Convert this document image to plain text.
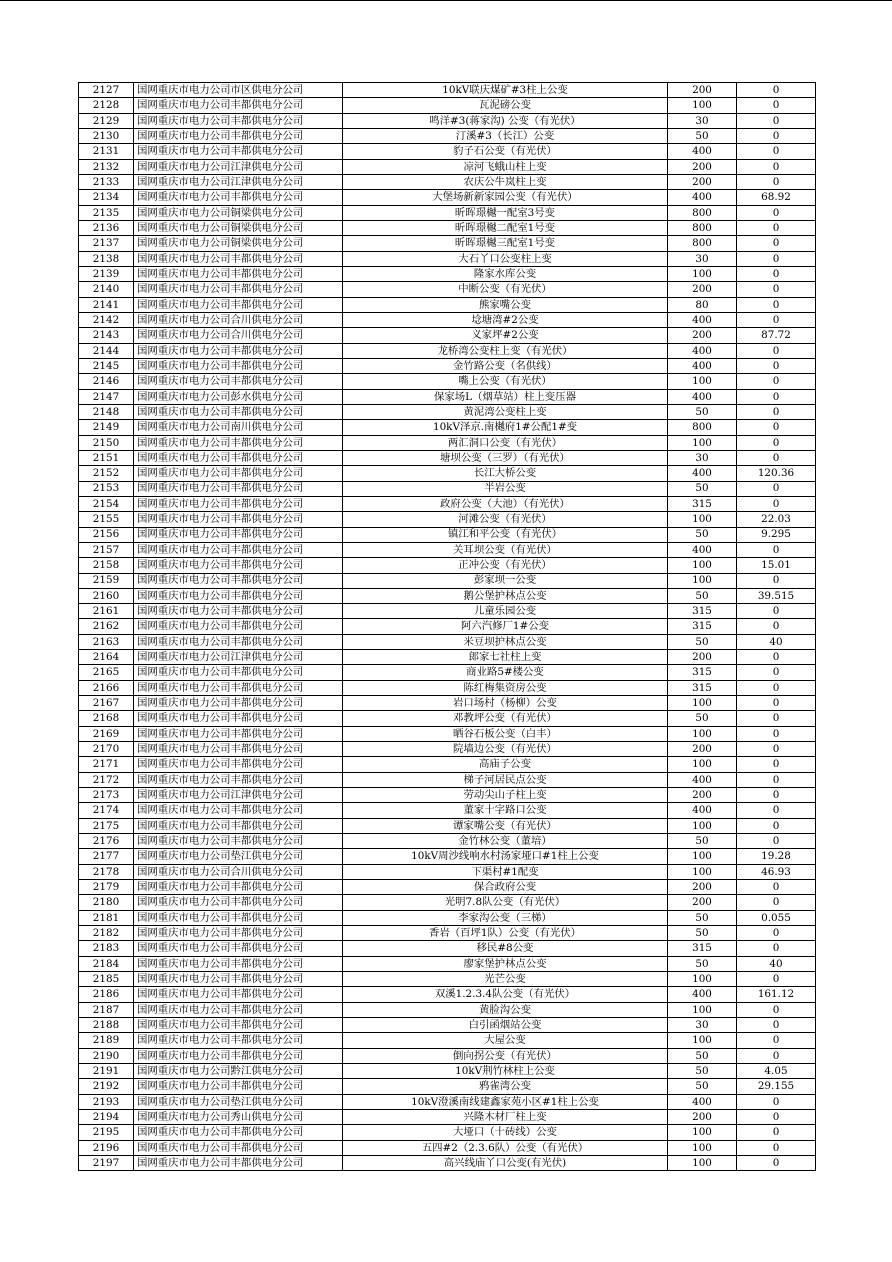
2127	国网重庆市电力公司市区供电分公司	10kV联庆煤矿#3柱上公变	200	0
2128	国网重庆市电力公司丰都供电分公司	瓦泥磅公变	100	0
2129	国网重庆市电力公司丰都供电分公司	鸣洋#3(蒋家沟) 公变（有光伏）	30	0
2130	国网重庆市电力公司丰都供电分公司	汀溪#3（长江）公变	50	0
2131	国网重庆市电力公司丰都供电分公司	豹子石公变（有光伏）	400	0
2132	国网重庆市电力公司江津供电分公司	凉河飞蛾山柱上变	200	0
2133	国网重庆市电力公司江津供电分公司	农庆公牛岚柱上变	200	0
2134	国网重庆市电力公司丰都供电分公司	大堡场新新家园公变（有光伏）	400	68.92
2135	国网重庆市电力公司铜梁供电分公司	昕晖璟樾一配室3号变	800	0
2136	国网重庆市电力公司铜梁供电分公司	昕晖璟樾二配室1号变	800	0
2137	国网重庆市电力公司铜梁供电分公司	昕晖璟樾三配室1号变	800	0
2138	国网重庆市电力公司丰都供电分公司	大石丫口公变柱上变	30	0
2139	国网重庆市电力公司丰都供电分公司	隆家水库公变	100	0
2140	国网重庆市电力公司丰都供电分公司	中断公变（有光伏）	200	0
2141	国网重庆市电力公司丰都供电分公司	熊家嘴公变	80	0
2142	国网重庆市电力公司合川供电分公司	埝塘湾#2公变	400	0
2143	国网重庆市电力公司合川供电分公司	义家坪#2公变	200	87.72
2144	国网重庆市电力公司丰都供电分公司	龙桥湾公变柱上变（有光伏）	400	0
2145	国网重庆市电力公司丰都供电分公司	金竹路公变（名供线）	400	0
2146	国网重庆市电力公司丰都供电分公司	嘴上公变（有光伏）	100	0
2147	国网重庆市电力公司彭水供电分公司	保家场L（烟草站）柱上变压器	400	0
2148	国网重庆市电力公司丰都供电分公司	黄泥湾公变柱上变	50	0
2149	国网重庆市电力公司南川供电分公司	10kV泽京.南樾府1#公配1#变	800	0
2150	国网重庆市电力公司丰都供电分公司	两汇洞口公变（有光伏）	100	0
2151	国网重庆市电力公司丰都供电分公司	塘坝公变（三罗）（有光伏）	30	0
2152	国网重庆市电力公司丰都供电分公司	长江大桥公变	400	120.36
2153	国网重庆市电力公司丰都供电分公司	半岩公变	50	0
2154	国网重庆市电力公司丰都供电分公司	政府公变（大池）（有光伏）	315	0
2155	国网重庆市电力公司丰都供电分公司	河滩公变（有光伏）	100	22.03
2156	国网重庆市电力公司丰都供电分公司	镇江和平公变（有光伏）	50	9.295
2157	国网重庆市电力公司丰都供电分公司	关耳坝公变（有光伏）	400	0
2158	国网重庆市电力公司丰都供电分公司	正冲公变（有光伏）	100	15.01
2159	国网重庆市电力公司丰都供电分公司	彭家坝一公变	100	0
2160	国网重庆市电力公司丰都供电分公司	鹅公堡护林点公变	50	39.515
2161	国网重庆市电力公司丰都供电分公司	儿童乐园公变	315	0
2162	国网重庆市电力公司丰都供电分公司	阿六汽修厂1#公变	315	0
2163	国网重庆市电力公司丰都供电分公司	米豆坝护林点公变	50	40
2164	国网重庆市电力公司江津供电分公司	郎家七社柱上变	200	0
2165	国网重庆市电力公司丰都供电分公司	商业路5#楼公变	315	0
2166	国网重庆市电力公司丰都供电分公司	陈红梅集资房公变	315	0
2167	国网重庆市电力公司丰都供电分公司	岩口场村（杨柳）公变	100	0
2168	国网重庆市电力公司丰都供电分公司	邓教坪公变（有光伏）	50	0
2169	国网重庆市电力公司丰都供电分公司	晒谷石板公变（白丰）	100	0
2170	国网重庆市电力公司丰都供电分公司	院墙边公变（有光伏）	200	0
2171	国网重庆市电力公司丰都供电分公司	高庙子公变	100	0
2172	国网重庆市电力公司丰都供电分公司	梯子河居民点公变	400	0
2173	国网重庆市电力公司江津供电分公司	劳动尖山子柱上变	200	0
2174	国网重庆市电力公司丰都供电分公司	董家十字路口公变	400	0
2175	国网重庆市电力公司丰都供电分公司	谭家嘴公变（有光伏）	100	0
2176	国网重庆市电力公司丰都供电分公司	金竹林公变（董培）	50	0
2177	国网重庆市电力公司垫江供电分公司	10kV周沙线响水村汤家垭口#1柱上公变	100	19.28
2178	国网重庆市电力公司合川供电分公司	下渠村#1配变	100	46.93
2179	国网重庆市电力公司丰都供电分公司	保合政府公变	200	0
2180	国网重庆市电力公司丰都供电分公司	光明7.8队公变（有光伏）	200	0
2181	国网重庆市电力公司丰都供电分公司	李家沟公变（三梯）	50	0.055
2182	国网重庆市电力公司丰都供电分公司	香岩（百坪1队）公变（有光伏）	50	0
2183	国网重庆市电力公司丰都供电分公司	移民#8公变	315	0
2184	国网重庆市电力公司丰都供电分公司	廖家堡护林点公变	50	40
2185	国网重庆市电力公司丰都供电分公司	光芒公变	100	0
2186	国网重庆市电力公司丰都供电分公司	双溪1.2.3.4队公变（有光伏）	400	161.12
2187	国网重庆市电力公司丰都供电分公司	黄脸沟公变	100	0
2188	国网重庆市电力公司丰都供电分公司	白引函烟站公变	30	0
2189	国网重庆市电力公司丰都供电分公司	大屋公变	100	0
2190	国网重庆市电力公司丰都供电分公司	倒向拐公变（有光伏）	50	0
2191	国网重庆市电力公司黔江供电分公司	10kV荆竹林柱上公变	50	4.05
2192	国网重庆市电力公司丰都供电分公司	鸦雀湾公变	50	29.155
2193	国网重庆市电力公司垫江供电分公司	10kV澄溪南线建鑫家苑小区#1柱上公变	400	0
2194	国网重庆市电力公司秀山供电分公司	兴隆木材厂柱上变	200	0
2195	国网重庆市电力公司丰都供电分公司	大垭口（十砖线）公变	100	0
2196	国网重庆市电力公司丰都供电分公司	五四#2（2.3.6队）公变（有光伏）	100	0
2197	国网重庆市电力公司丰都供电分公司	高兴线庙丫口公变(有光伏)	100	0
